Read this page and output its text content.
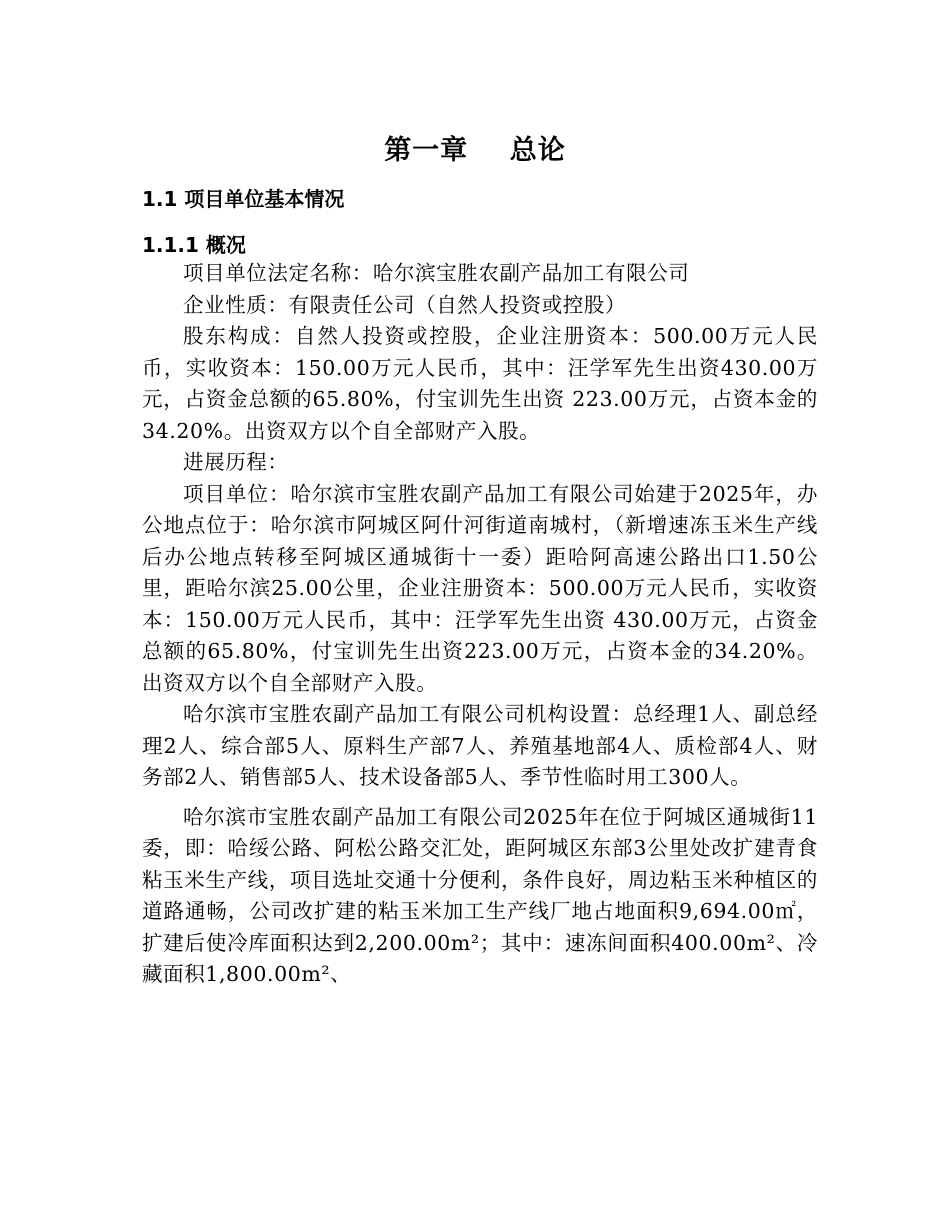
第一章    总论
1.1 项目单位基本情况
1.1.1 概况

项目单位法定名称：哈尔滨宝胜农副产品加工有限公司

企业性质：有限责任公司（自然人投资或控股）

股东构成：自然人投资或控股，企业注册资本：500.00万元人民币，实收资本：150.00万元人民币，其中：汪学军先生出资430.00万元，占资金总额的65.80%，付宝训先生出资 223.00万元，占资本金的34.20%。出资双方以个自全部财产入股。

进展历程：

项目单位：哈尔滨市宝胜农副产品加工有限公司始建于2025年，办公地点位于：哈尔滨市阿城区阿什河街道南城村，（新增速冻玉米生产线后办公地点转移至阿城区通城街十一委）距哈阿高速公路出口1.50公里，距哈尔滨25.00公里，企业注册资本：500.00万元人民币，实收资本：150.00万元人民币，其中：汪学军先生出资 430.00万元，占资金总额的65.80%，付宝训先生出资223.00万元，占资本金的34.20%。出资双方以个自全部财产入股。

哈尔滨市宝胜农副产品加工有限公司机构设置：总经理1人、副总经理2人、综合部5人、原料生产部7人、养殖基地部4人、质检部4人、财务部2人、销售部5人、技术设备部5人、季节性临时用工300人。

哈尔滨市宝胜农副产品加工有限公司2025年在位于阿城区通城街11委，即：哈绥公路、阿松公路交汇处，距阿城区东部3公里处改扩建青食粘玉米生产线，项目选址交通十分便利，条件良好，周边粘玉米种植区的道路通畅，公司改扩建的粘玉米加工生产线厂地占地面积9,694.00㎡，扩建后使冷库面积达到2,200.00m²；其中：速冻间面积400.00m²、冷藏面积1,800.00m²、
